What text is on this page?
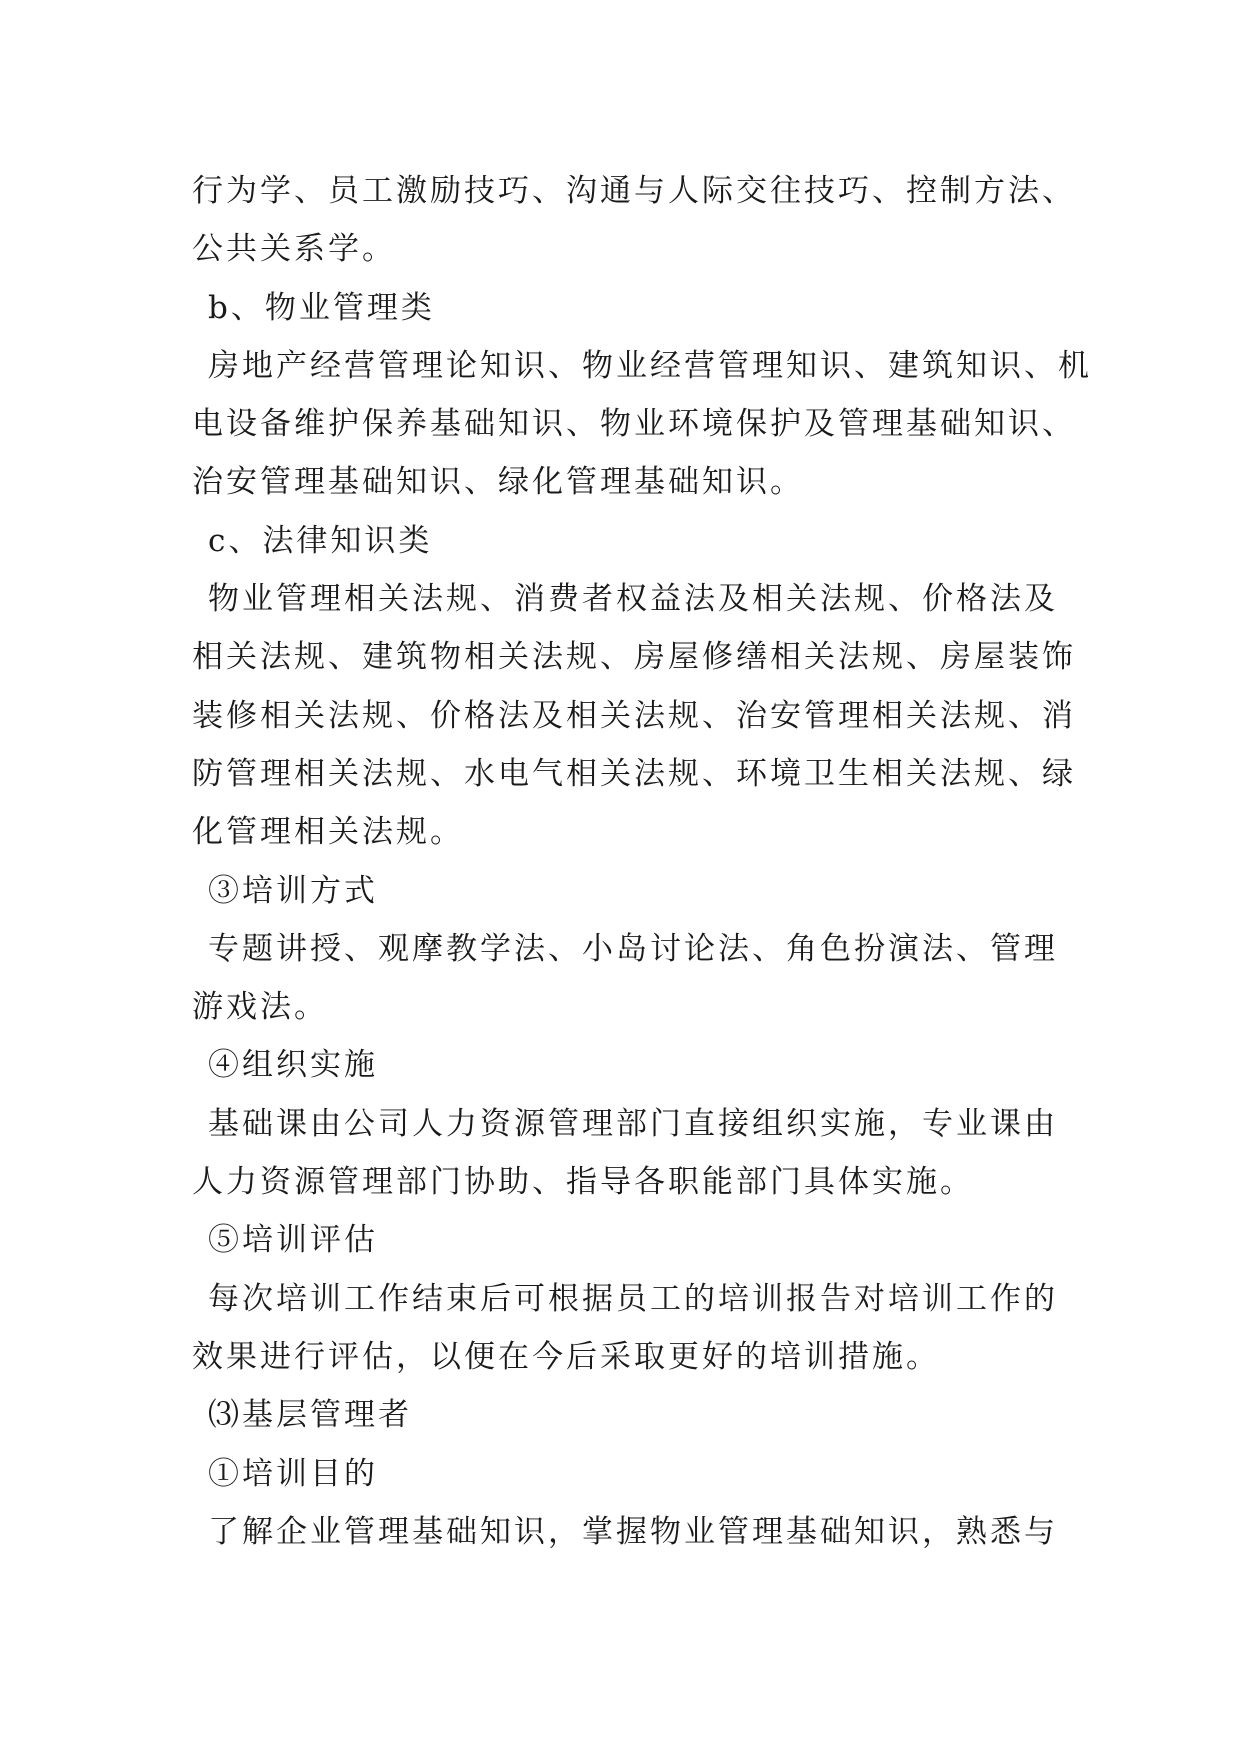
行为学、员工激励技巧、沟通与人际交往技巧、控制方法、
公共关系学。
b、物业管理类
房地产经营管理论知识、物业经营管理知识、建筑知识、机
电设备维护保养基础知识、物业环境保护及管理基础知识、
治安管理基础知识、绿化管理基础知识。
c、法律知识类
物业管理相关法规、消费者权益法及相关法规、价格法及
相关法规、建筑物相关法规、房屋修缮相关法规、房屋装饰
装修相关法规、价格法及相关法规、治安管理相关法规、消
防管理相关法规、水电气相关法规、环境卫生相关法规、绿
化管理相关法规。
③培训方式
专题讲授、观摩教学法、小岛讨论法、角色扮演法、管理
游戏法。
④组织实施
基础课由公司人力资源管理部门直接组织实施，专业课由
人力资源管理部门协助、指导各职能部门具体实施。
⑤培训评估
每次培训工作结束后可根据员工的培训报告对培训工作的
效果进行评估，以便在今后采取更好的培训措施。
⑶基层管理者
①培训目的
了解企业管理基础知识，掌握物业管理基础知识，熟悉与
